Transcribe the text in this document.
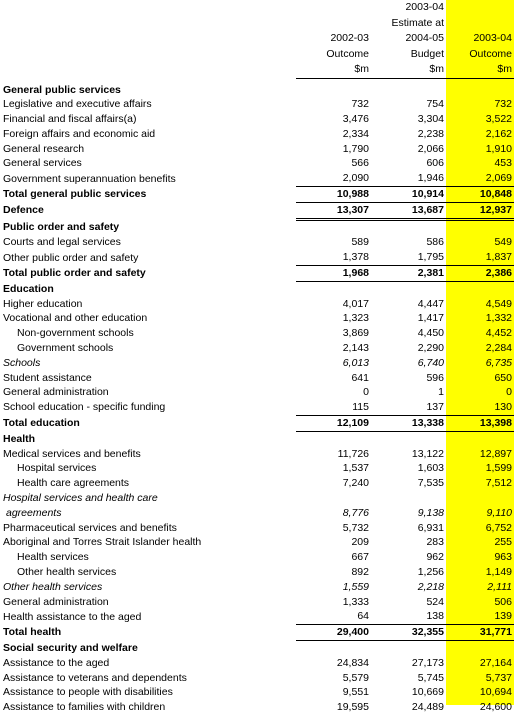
		2003-04	
		Estimate at	
	2002-03	2004-05	2003-04
	Outcome	Budget	Outcome
	$m	$m	$m

General public services			
Legislative and executive affairs	732	754	732
Financial and fiscal affairs(a)	3,476	3,304	3,522
Foreign affairs and economic aid	2,334	2,238	2,162
General research	1,790	2,066	1,910
General services	566	606	453
Government superannuation benefits	2,090	1,946	2,069
Total general public services	10,988	10,914	10,848
Defence	13,307	13,687	12,937
Public order and safety			
Courts and legal services	589	586	549
Other public order and safety	1,378	1,795	1,837
Total public order and safety	1,968	2,381	2,386
Education			
Higher education	4,017	4,447	4,549
Vocational and other education	1,323	1,417	1,332
Non-government schools	3,869	4,450	4,452
Government schools	2,143	2,290	2,284
Schools	6,013	6,740	6,735
Student assistance	641	596	650
General administration	0	1	0
School education - specific funding	115	137	130
Total education	12,109	13,338	13,398
Health			
Medical services and benefits	11,726	13,122	12,897
Hospital services	1,537	1,603	1,599
Health care agreements	7,240	7,535	7,512
Hospital services and health care			
agreements	8,776	9,138	9,110
Pharmaceutical services and benefits	5,732	6,931	6,752
Aboriginal and Torres Strait Islander health	209	283	255
Health services	667	962	963
Other health services	892	1,256	1,149
Other health services	1,559	2,218	2,111
General administration	1,333	524	506
Health assistance to the aged	64	138	139
Total health	29,400	32,355	31,771
Social security and welfare			
Assistance to the aged	24,834	27,173	27,164
Assistance to veterans and dependents	5,579	5,745	5,737
Assistance to people with disabilities	9,551	10,669	10,694
Assistance to families with children	19,595	24,489	24,600
